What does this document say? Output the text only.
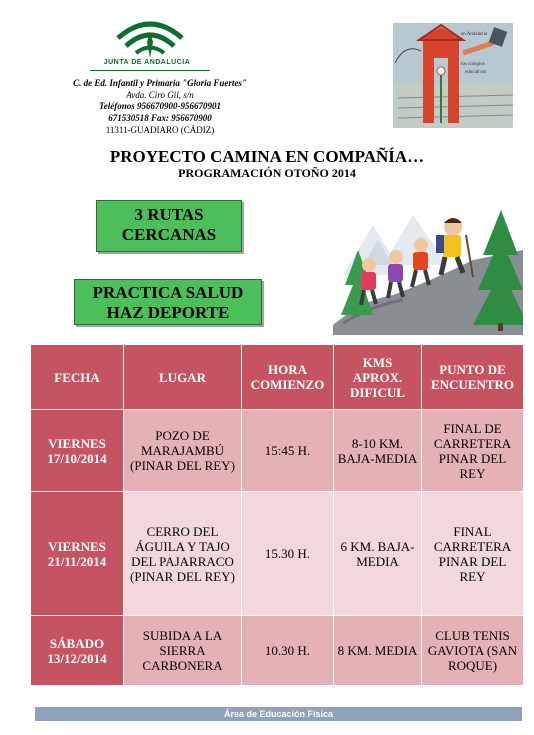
JUNTA DE ANDALUCIA
C. de Ed. Infantil y Primaria "Gloria Fuertes"
Avda. Ciro Gil, s/n
Teléfonos 956670900-956670901
671530518 Fax: 956670900
11311-GUADIARO (CÁDIZ)
en Andalucía
los colegios
educativos
PROYECTO CAMINA EN COMPAÑÍA…
PROGRAMACIÓN OTOÑO 2014
3 RUTAS
CERCANAS
PRACTICA SALUD
HAZ DEPORTE
FECHA	LUGAR	HORA COMIENZO	KMS APROX. DIFICUL	PUNTO DE ENCUENTRO
VIERNES 17/10/2014	POZO DE MARAJAMBÚ (PINAR DEL REY)	15:45 H.	8-10 KM. BAJA-MEDIA	FINAL DE CARRETERA PINAR DEL REY
VIERNES 21/11/2014	CERRO DEL ÁGUILA Y TAJO DEL PAJARRACO (PINAR DEL REY)	15.30 H.	6 KM. BAJA-MEDIA	FINAL CARRETERA PINAR DEL REY
SÁBADO 13/12/2014	SUBIDA A LA SIERRA CARBONERA	10.30 H.	8 KM. MEDIA	CLUB TENIS GAVIOTA (SAN ROQUE)
Área de Educación Física
